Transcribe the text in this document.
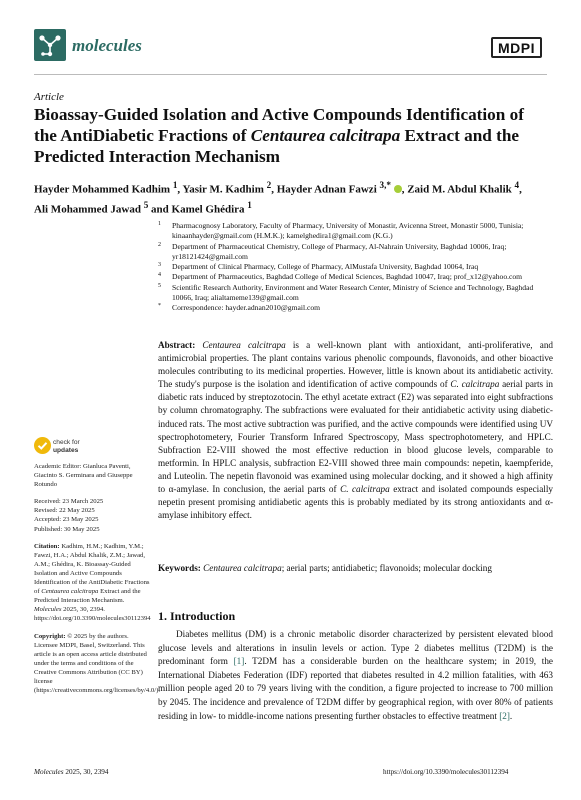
molecules	MDPI
Article
Bioassay-Guided Isolation and Active Compounds Identification of the AntiDiabetic Fractions of Centaurea calcitrapa Extract and the Predicted Interaction Mechanism
Hayder Mohammed Kadhim $^1$, Yasir M. Kadhim $^2$, Hayder Adnan Fawzi $^{3,*}$ , Zaid M. Abdul Khalik $^4$,
Ali Mohammed Jawad $^5$ and Kamel Ghédira $^1$
1 Pharmacognosy Laboratory, Faculty of Pharmacy, University of Monastir, Avicenna Street, Monastir 5000, Tunisia; kinaanhayder@gmail.com (H.M.K.); kamelghedira1@gmail.com (K.G.)
2 Department of Pharmaceutical Chemistry, College of Pharmacy, Al-Nahrain University, Baghdad 10006, Iraq; yr18121424@gmail.com
3 Department of Clinical Pharmacy, College of Pharmacy, AlMustafa University, Baghdad 10064, Iraq
4 Department of Pharmaceutics, Baghdad College of Medical Sciences, Baghdad 10047, Iraq; prof_x12@yahoo.com
5 Scientific Research Authority, Environment and Water Research Center, Ministry of Science and Technology, Baghdad 10066, Iraq; alialtameme139@gmail.com
* Correspondence: hayder.adnan2010@gmail.com
check for
updates

Academic Editor: Gianluca Paventi, Giacinto S. Germinara and Giuseppe Rotundo

Received: 23 March 2025
Revised: 22 May 2025
Accepted: 23 May 2025

Published: 30 May 2025

Citation: Kadhim, H.M.; Kadhim, Y.M.; Fawzi, H.A.; Abdul Khalik, Z.M.; Jawad, A.M.; Ghédira, K. Bioassay-Guided Isolation and Active Compounds Identification of the AntiDiabetic Fractions of Centaurea calcitrapa Extract and the Predicted Interaction Mechanism. Molecules 2025, 30, 2394. https://doi.org/10.3390/molecules30112394

Copyright: © 2025 by the authors. Licensee MDPI, Basel, Switzerland. This article is an open access article distributed under the terms and conditions of the Creative Commons Attribution (CC BY) license (https://creativecommons.org/licenses/by/4.0/).

Abstract: Centaurea calcitrapa is a well-known plant with antioxidant, anti-proliferative, and antimicrobial properties. The plant contains various phenolic compounds, flavonoids, and other bioactive molecules contributing to its medicinal properties. However, little is known about its antidiabetic activity. The study's purpose is the isolation and identification of active compounds of C. calcitrapa aerial parts in diabetic rats induced by streptozotocin. The ethyl acetate extract (E2) was separated into eight subfractions by column chromatography. The subfractions were evaluated for their antidiabetic activity using diabetic-induced rats. The most active subtraction was purified, and the active compounds were identified using UV spectrophotometery, Fourier Transform Infrared Spectroscopy, Mass spectrophotometery, and HPLC. Subfraction E2-VIII showed the most effective reduction in blood glucose levels, comparable to metformin. In HPLC analysis, subfraction E2-VIII showed three main compounds: nepetin, kaempferide, and Luteolin. The nepetin flavonoid was examined using molecular docking, and it showed a high affinity to α-amylase. In conclusion, the aerial parts of C. calcitrapa extract and isolated compounds especially nepetin present promising antidiabetic agents this is probably mediated by its strong antioxidants and α-amylase inhibitory effect.
Keywords: Centaurea calcitrapa; aerial parts; antidiabetic; flavonoids; molecular docking
1. Introduction

Diabetes mellitus (DM) is a chronic metabolic disorder characterized by persistent elevated blood glucose levels and alterations in insulin levels or action. Type 2 diabetes mellitus (T2DM) is the predominant form [1]. T2DM has a considerable burden on the healthcare system; in 2019, the International Diabetes Federation (IDF) reported that diabetes resulted in 4.2 million fatalities, with 463 million people aged 20 to 79 years living with the condition, a figure projected to increase to 700 million by 2045. The incidence and prevalence of T2DM differ by geographical region, with over 80% of patients residing in low- to middle-income nations presenting further obstacles to effective treatment [2].

Molecules 2025, 30, 2394	https://doi.org/10.3390/molecules30112394
